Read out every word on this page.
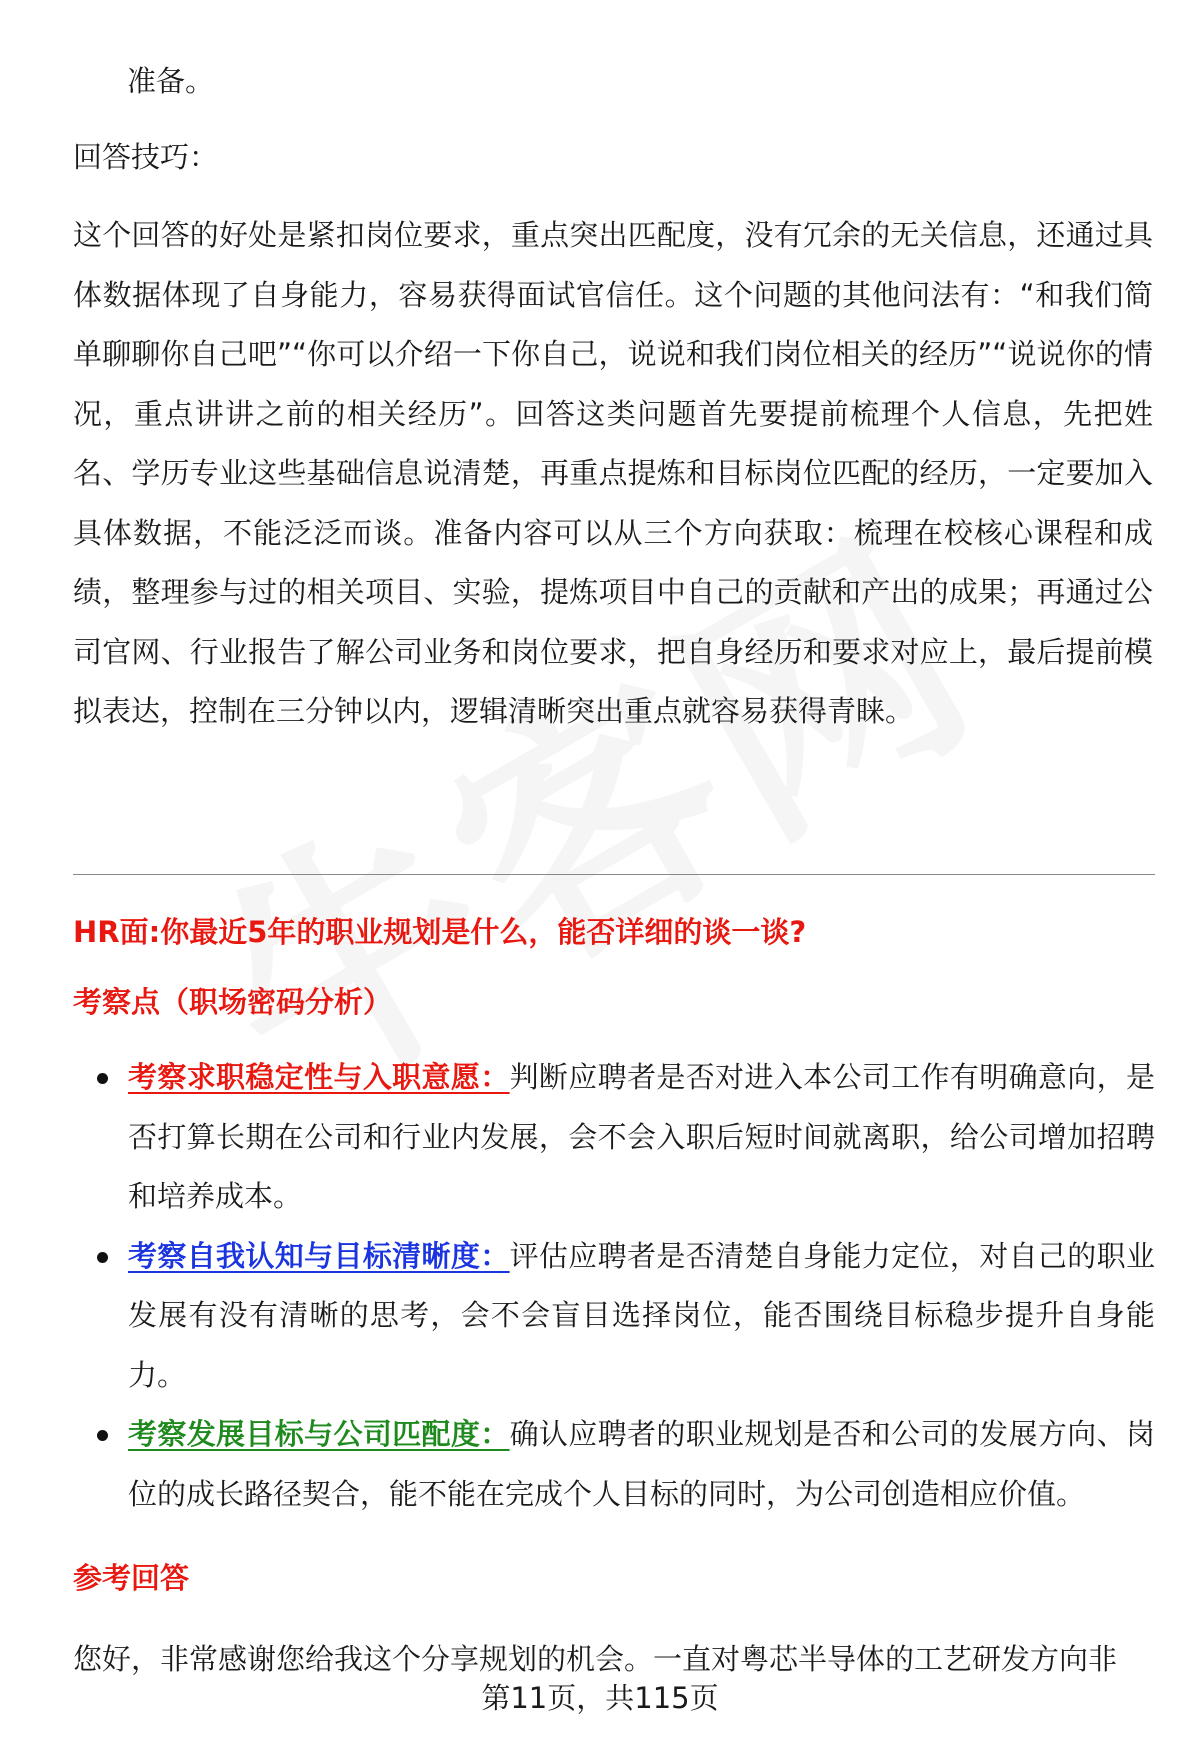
准备。

回答技巧：

这个回答的好处是紧扣岗位要求，重点突出匹配度，没有冗余的无关信息，还通过具体数据体现了自身能力，容易获得面试官信任。这个问题的其他问法有：“和我们简单聊聊你自己吧”“你可以介绍一下你自己，说说和我们岗位相关的经历”“说说你的情况，重点讲讲之前的相关经历”。回答这类问题首先要提前梳理个人信息，先把姓名、学历专业这些基础信息说清楚，再重点提炼和目标岗位匹配的经历，一定要加入具体数据，不能泛泛而谈。准备内容可以从三个方向获取：梳理在校核心课程和成绩，整理参与过的相关项目、实验，提炼项目中自己的贡献和产出的成果；再通过公司官网、行业报告了解公司业务和岗位要求，把自身经历和要求对应上，最后提前模拟表达，控制在三分钟以内，逻辑清晰突出重点就容易获得青睐。

HR面:你最近5年的职业规划是什么，能否详细的谈一谈?

考察点（职场密码分析）

考察求职稳定性与入职意愿：判断应聘者是否对进入本公司工作有明确意向，是否打算长期在公司和行业内发展，会不会入职后短时间就离职，给公司增加招聘和培养成本。
考察自我认知与目标清晰度：评估应聘者是否清楚自身能力定位，对自己的职业发展有没有清晰的思考，会不会盲目选择岗位，能否围绕目标稳步提升自身能力。
考察发展目标与公司匹配度：确认应聘者的职业规划是否和公司的发展方向、岗位的成长路径契合，能不能在完成个人目标的同时，为公司创造相应价值。

参考回答

您好，非常感谢您给我这个分享规划的机会。一直对粤芯半导体的工艺研发方向非

第11页，共115页
